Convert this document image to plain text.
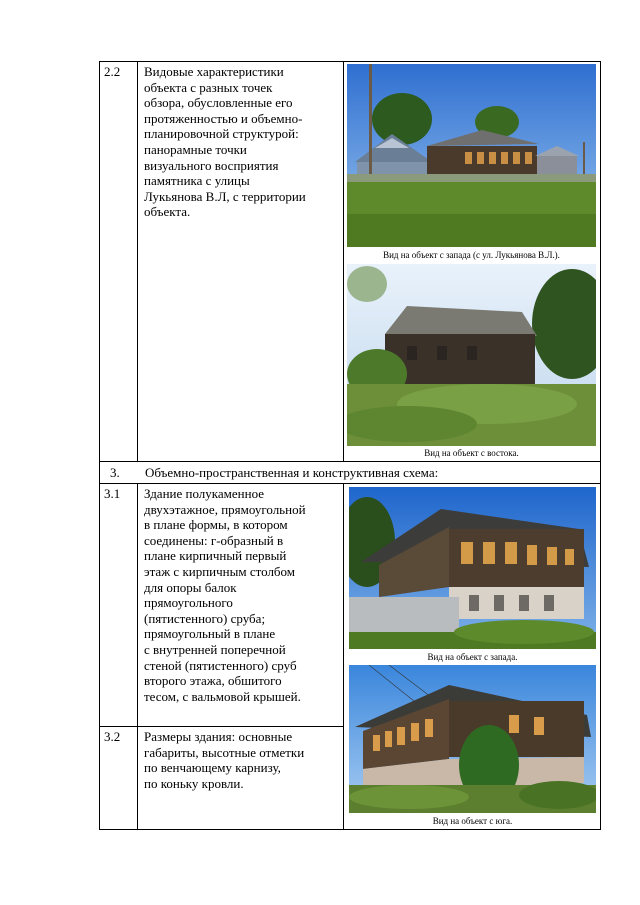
2.2 Видовые характеристики
объекта с разных точек
обзора, обусловленные его
протяженностью и объемно-
планировочной структурой:
панорамные точки
визуального восприятия
памятника с улицы
Лукьянова В.Л, с территории
объекта.
Вид на объект с запада (с ул. Лукьянова В.Л.).
Вид на объект с востока.
3. Объемно-пространственная и конструктивная схема:
3.1 Здание полукаменное
двухэтажное, прямоугольной
в плане формы, в котором
соединены: г-образный в
плане кирпичный первый
этаж с кирпичным столбом
для опоры балок
прямоугольного
(пятистенного) сруба;
прямоугольный в плане
с внутренней поперечной
стеной (пятистенного) сруб
второго этажа, обшитого
тесом, с вальмовой крышей.
Вид на объект с запада.
3.2 Размеры здания: основные
габариты, высотные отметки
по венчающему карнизу,
по коньку кровли.
Вид на объект с юга.
